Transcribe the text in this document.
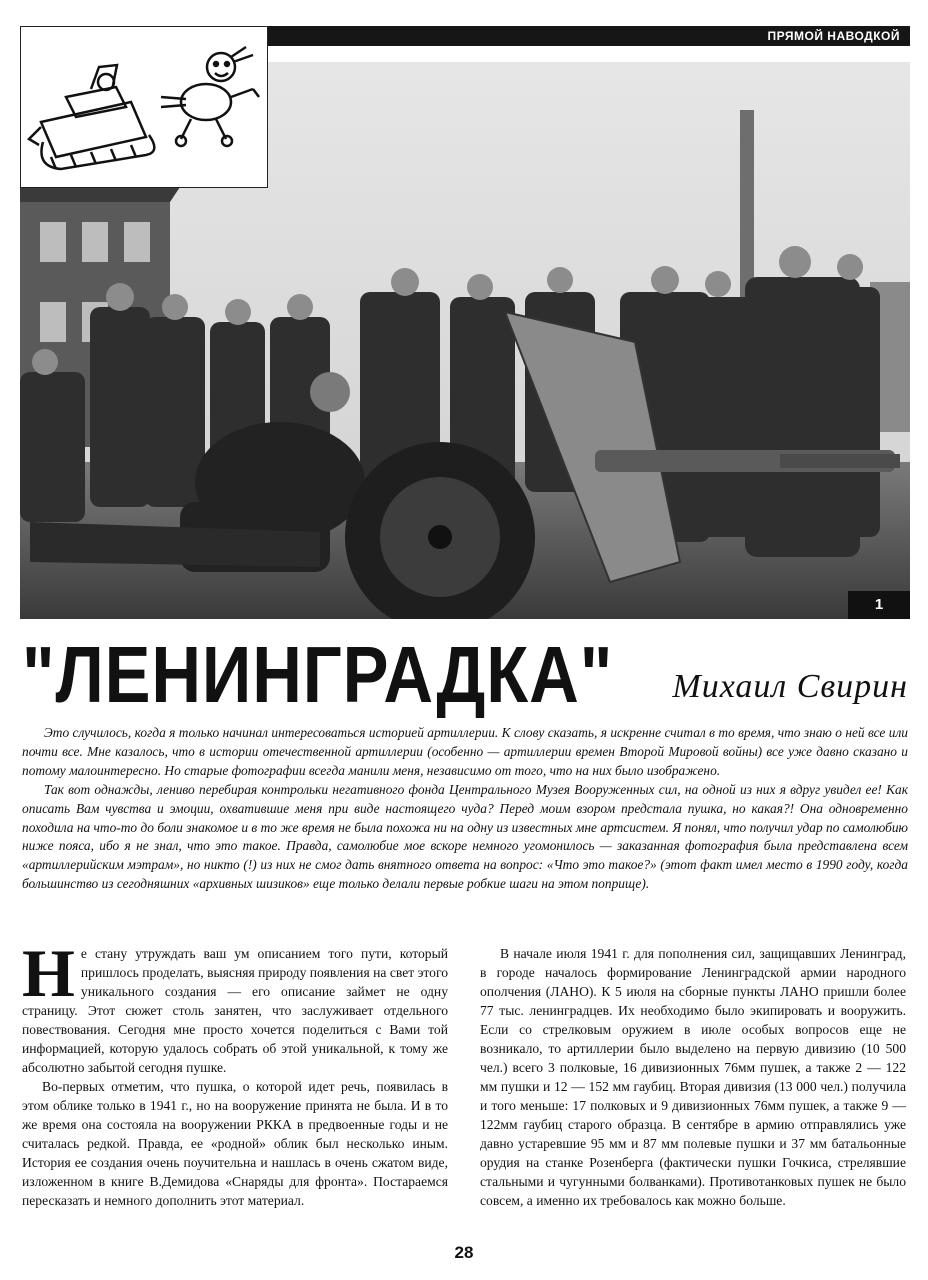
1
ПРЯМОЙ НАВОДКОЙ
"ЛЕНИНГРАДКА" Михаил Свирин

Это случилось, когда я только начинал интересоваться историей артиллерии. К слову сказать, я искренне считал в то время, что знаю о ней все или почти все. Мне казалось, что в истории отечественной артиллерии (особенно — артиллерии времен Второй Мировой войны) все уже давно сказано и потому малоинтересно. Но старые фотографии всегда манили меня, независимо от того, что на них было изображено.

Так вот однажды, лениво перебирая контрольки негативного фонда Центрального Музея Вооруженных сил, на одной из них я вдруг увидел ее! Как описать Вам чувства и эмоции, охватившие меня при виде настоящего чуда? Перед моим взором предстала пушка, но какая?! Она одновременно походила на что-то до боли знакомое и в то же время не была похожа ни на одну из известных мне артсистем. Я понял, что получил удар по самолюбию ниже пояса, ибо я не знал, что это такое. Правда, самолюбие мое вскоре немного угомонилось — заказанная фотография была представлена всем «артиллерийским мэтрам», но никто (!) из них не смог дать внятного ответа на вопрос: «Что это такое?» (этот факт имел место в 1990 году, когда большинство из сегодняшних «архивных шизиков» еще только делали первые робкие шаги на этом поприще).

Не стану утруждать ваш ум описанием того пути, который пришлось проделать, выясняя природу появления на свет этого уникального создания — его описание займет не одну страницу. Этот сюжет столь занятен, что заслуживает отдельного повествования. Сегодня мне просто хочется поделиться с Вами той информацией, которую удалось собрать об этой уникальной, к тому же абсолютно забытой сегодня пушке.

Во-первых отметим, что пушка, о которой идет речь, появилась в этом облике только в 1941 г., но на вооружение принята не была. И в то же время она состояла на вооружении РККА в предвоенные годы и не считалась редкой. Правда, ее «родной» облик был несколько иным. История ее создания очень поучительна и нашлась в очень сжатом виде, изложенном в книге В.Демидова «Снаряды для фронта». Постараемся пересказать и немного дополнить этот материал.

В начале июля 1941 г. для пополнения сил, защищавших Ленинград, в городе началось формирование Ленинградской армии народного ополчения (ЛАНО). К 5 июля на сборные пункты ЛАНО пришли более 77 тыс. ленинградцев. Их необходимо было экипировать и вооружить. Если со стрелковым оружием в июле особых вопросов еще не возникало, то артиллерии было выделено на первую дивизию (10 500 чел.) всего 3 полковые, 16 дивизионных 76мм пушек, а также 2 — 122 мм пушки и 12 — 152 мм гаубиц. Вторая дивизия (13 000 чел.) получила и того меньше: 17 полковых и 9 дивизионных 76мм пушек, а также 9 — 122мм гаубиц старого образца. В сентябре в армию отправлялись уже давно устаревшие 95 мм и 87 мм полевые пушки и 37 мм батальонные орудия на станке Розенберга (фактически пушки Гочкиса, стрелявшие стальными и чугунными болванками). Противотанковых пушек не было совсем, а именно их требовалось как можно больше.

28
